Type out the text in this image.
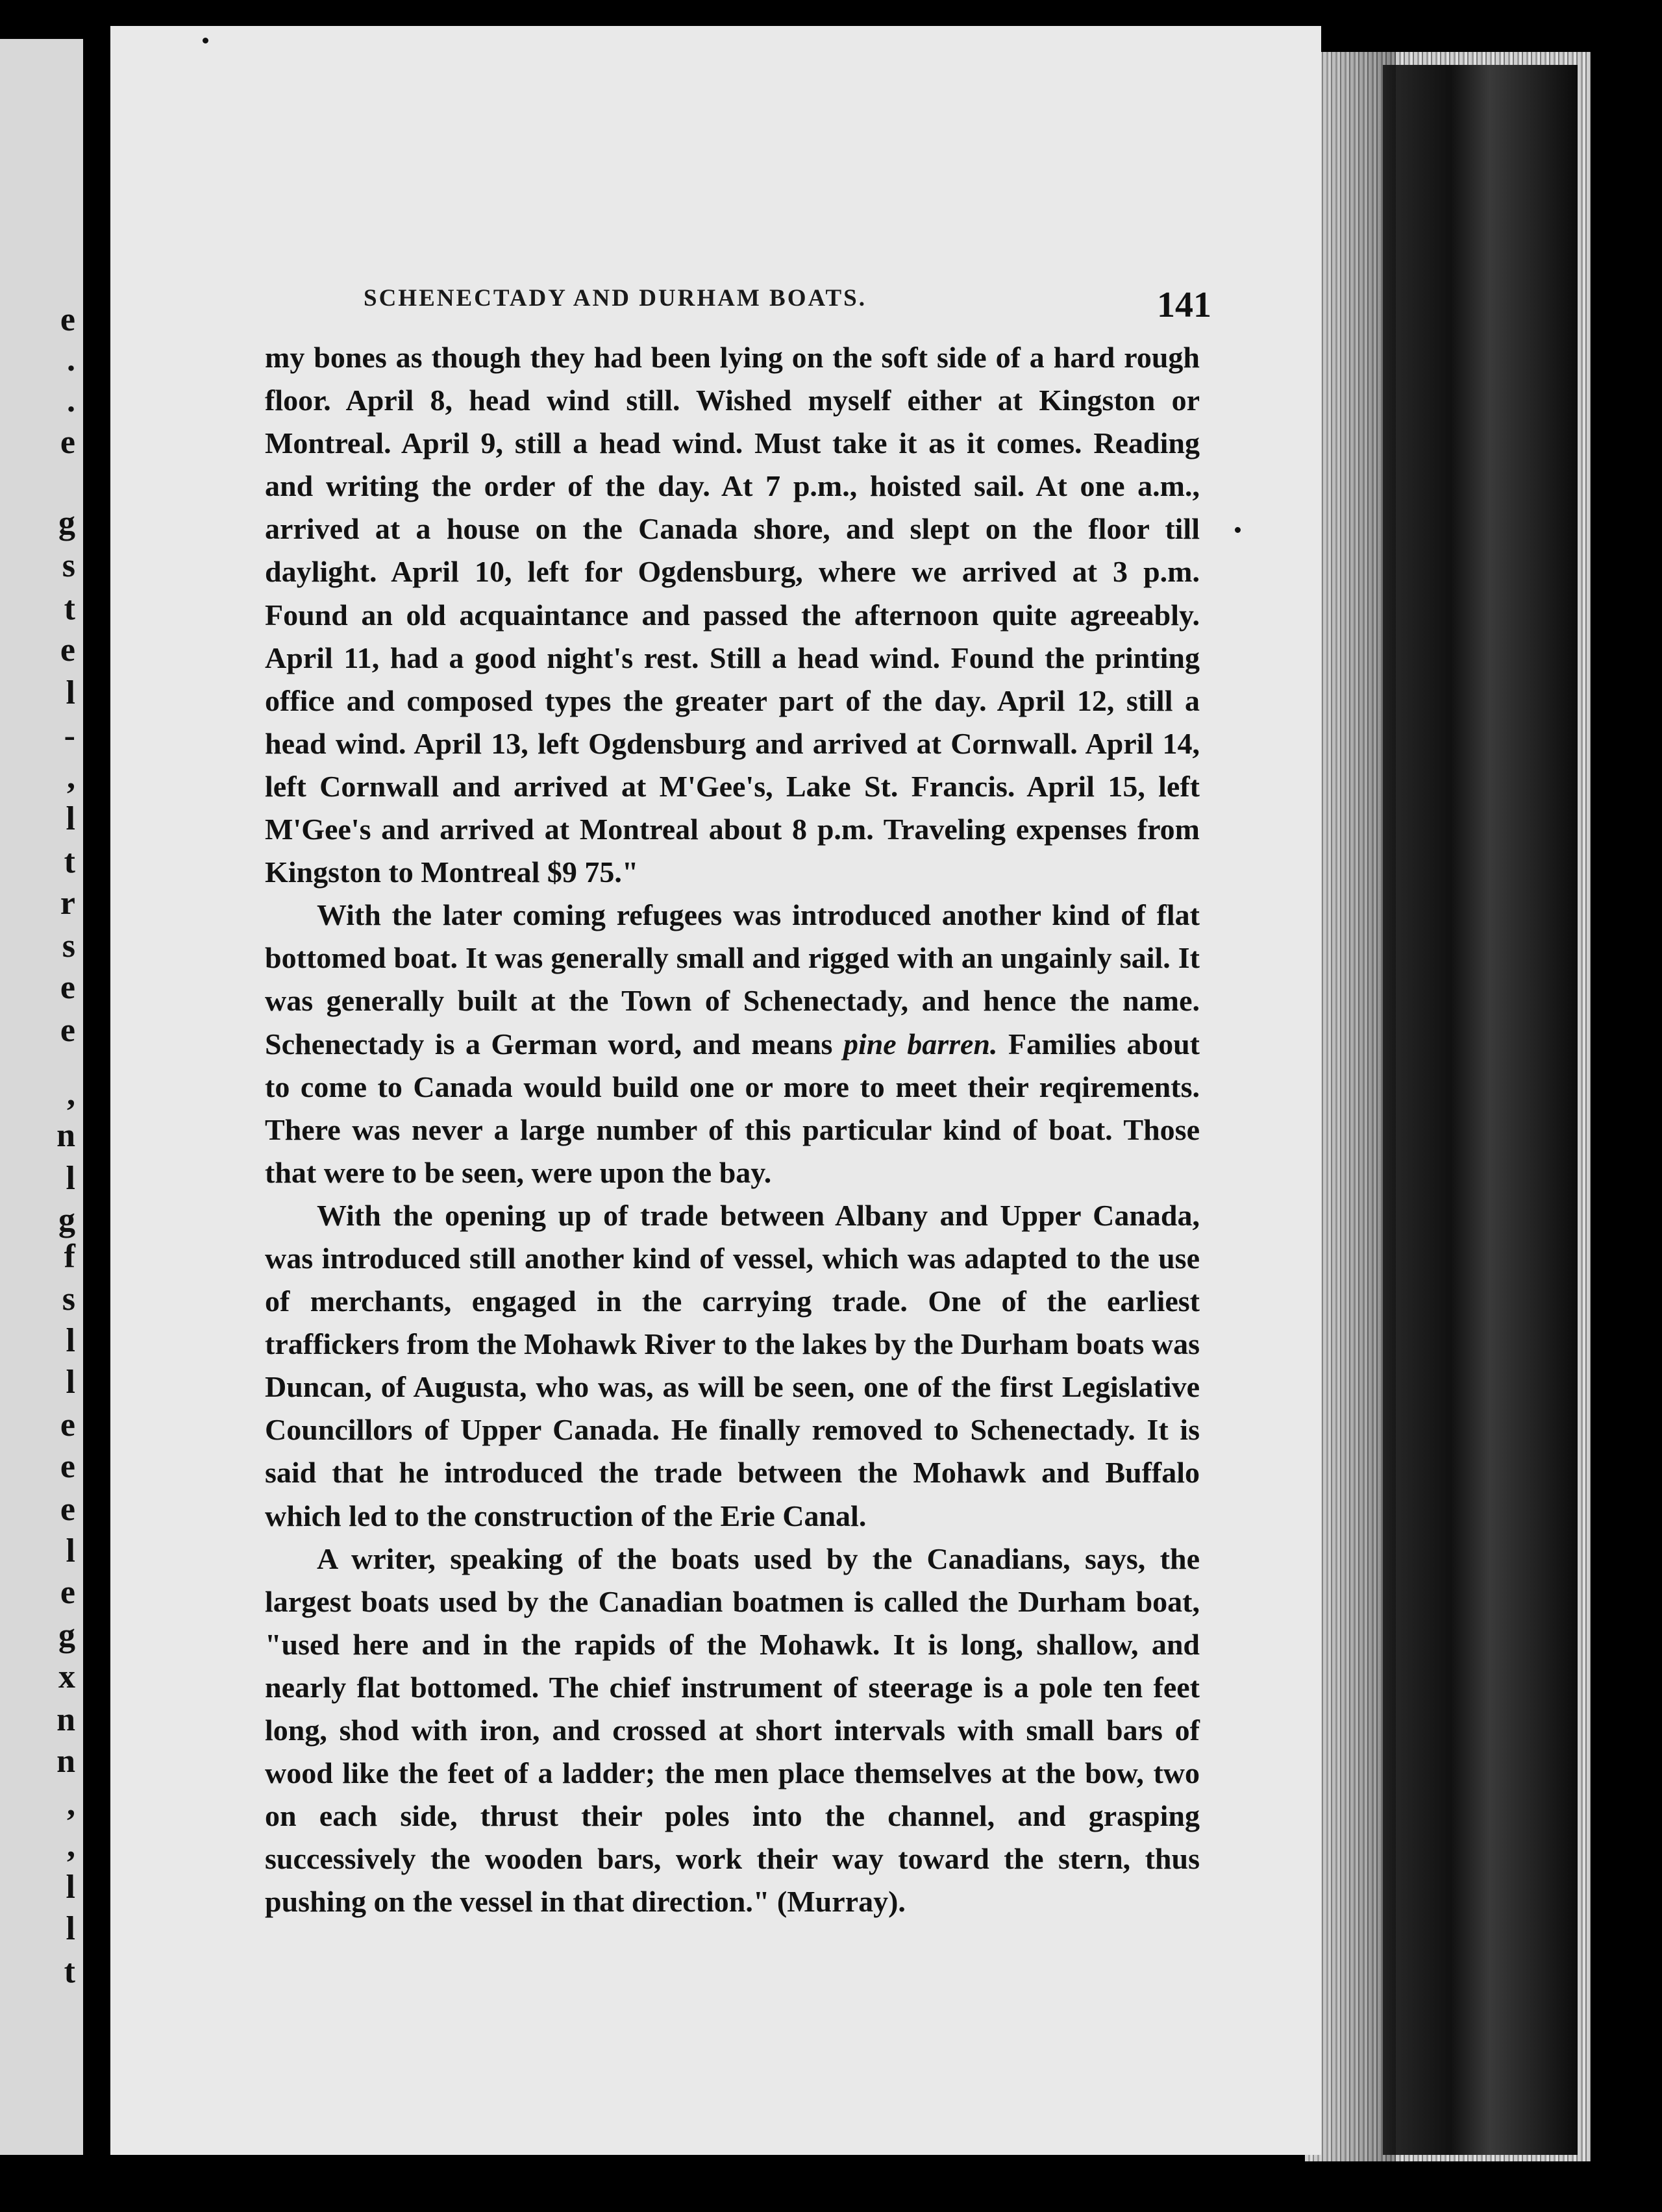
e
.
.
e
g
s
t
e
l
-
,
l
t
r
s
e
e
,
n
l
g
f
s
l
l
e
e
e
l
e
g
x
n
n
,
,
l
l
t
SCHENECTADY AND DURHAM BOATS.	141

my bones as though they had been lying on the soft side of a hard rough floor. April 8, head wind still. Wished myself either at Kingston or Montreal. April 9, still a head wind. Must take it as it comes. Reading and writing the order of the day. At 7 p.m., hoisted sail. At one a.m., arrived at a house on the Canada shore, and slept on the floor till daylight. April 10, left for Ogdensburg, where we arrived at 3 p.m. Found an old acquaintance and passed the afternoon quite agreeably. April 11, had a good night's rest. Still a head wind. Found the printing office and composed types the greater part of the day. April 12, still a head wind. April 13, left Ogdensburg and arrived at Cornwall. April 14, left Cornwall and arrived at M'Gee's, Lake St. Francis. April 15, left M'Gee's and arrived at Montreal about 8 p.m. Traveling expenses from Kingston to Montreal $9 75."

With the later coming refugees was introduced another kind of flat bottomed boat. It was generally small and rigged with an ungainly sail. It was generally built at the Town of Schenectady, and hence the name. Schenectady is a German word, and means pine barren. Families about to come to Canada would build one or more to meet their reqirements. There was never a large number of this particular kind of boat. Those that were to be seen, were upon the bay.

With the opening up of trade between Albany and Upper Canada, was introduced still another kind of vessel, which was adapted to the use of merchants, engaged in the carrying trade. One of the earliest traffickers from the Mohawk River to the lakes by the Durham boats was Duncan, of Augusta, who was, as will be seen, one of the first Legislative Councillors of Upper Canada. He finally removed to Schenectady. It is said that he introduced the trade between the Mohawk and Buffalo which led to the construction of the Erie Canal.

A writer, speaking of the boats used by the Canadians, says, the largest boats used by the Canadian boatmen is called the Durham boat, "used here and in the rapids of the Mohawk. It is long, shallow, and nearly flat bottomed. The chief instrument of steerage is a pole ten feet long, shod with iron, and crossed at short intervals with small bars of wood like the feet of a ladder; the men place themselves at the bow, two on each side, thrust their poles into the channel, and grasping successively the wooden bars, work their way toward the stern, thus pushing on the vessel in that direction." (Murray).
